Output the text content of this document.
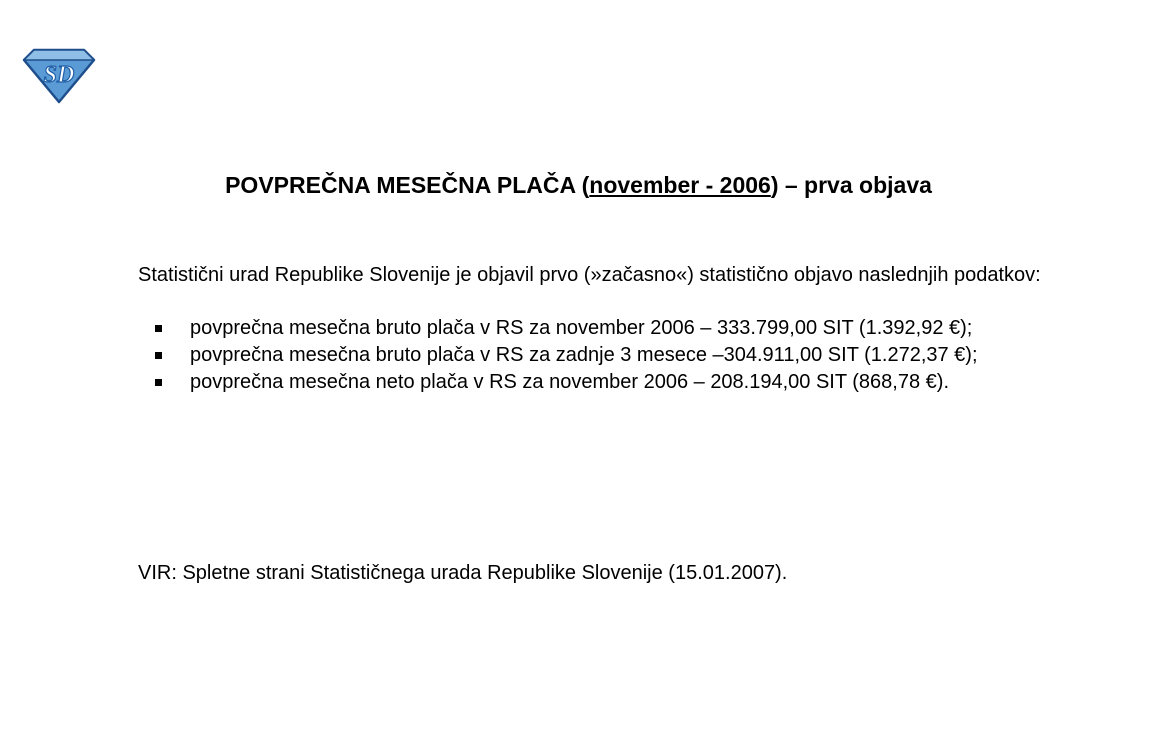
SD
POVPREČNA MESEČNA PLAČA (november - 2006) – prva objava

Statistični urad Republike Slovenije je objavil prvo (»začasno«) statistično objavo naslednjih podatkov:

povprečna mesečna bruto plača v RS za november 2006 – 333.799,00 SIT (1.392,92 €);
povprečna mesečna bruto plača v RS za zadnje 3 mesece –304.911,00 SIT (1.272,37 €);
povprečna mesečna neto plača v RS za november 2006 – 208.194,00 SIT (868,78 €).

VIR: Spletne strani Statističnega urada Republike Slovenije (15.01.2007).
